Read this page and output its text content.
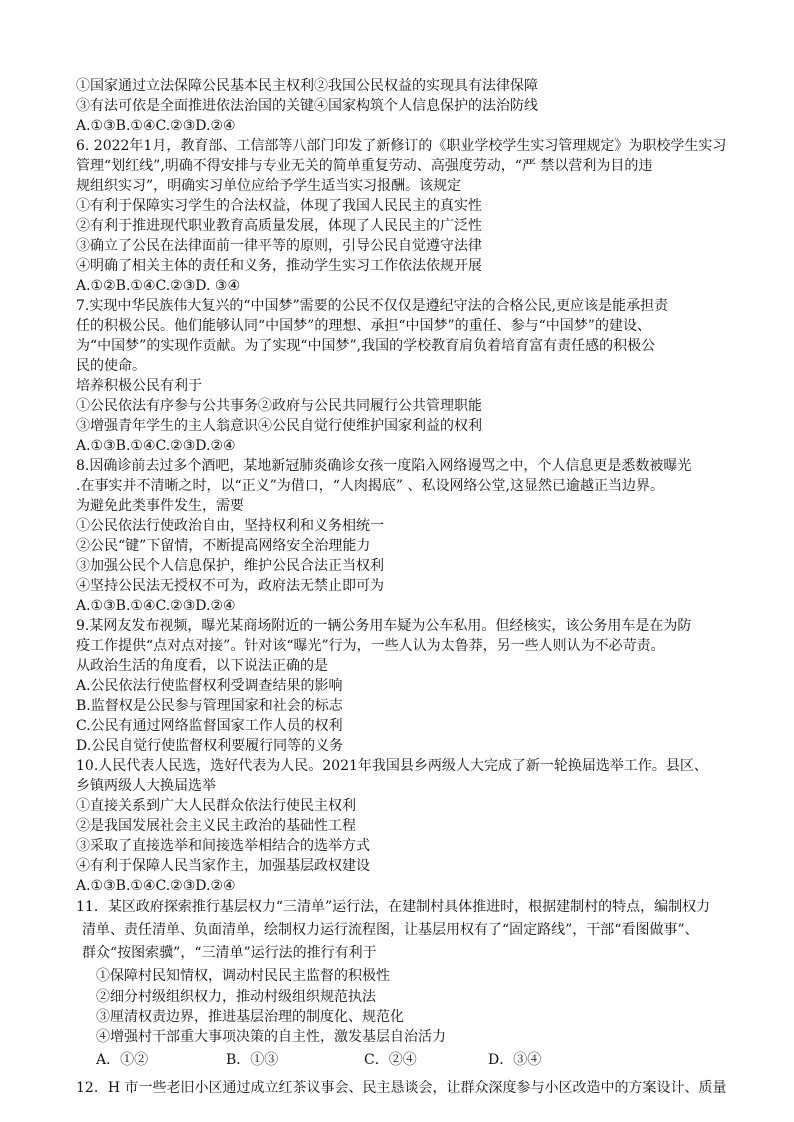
①国家通过立法保障公民基本民主权利②我国公民权益的实现具有法律保障
③有法可依是全面推进依法治国的关键④国家构筑个人信息保护的法治防线
A.①③B.①④C.②③D.②④
6. 2022年1月，教育部、工信部等八部门印发了新修订的《职业学校学生实习管理规定》为职校学生实习
管理“划红线”,明确不得安排与专业无关的简单重复劳动、高强度劳动，“严 禁以营利为目的违
规组织实习”，明确实习单位应给予学生适当实习报酬。该规定
①有利于保障实习学生的合法权益，体现了我国人民民主的真实性
②有利于推进现代职业教育高质量发展，体现了人民民主的广泛性
③确立了公民在法律面前一律平等的原则，引导公民自觉遵守法律
④明确了相关主体的责任和义务，推动学生实习工作依法依规开展
A.①②B.①④C.②③D. ③④
7.实现中华民族伟大复兴的“中国梦”需要的公民不仅仅是遵纪守法的合格公民,更应该是能承担责
任的积极公民。他们能够认同“中国梦”的理想、承担“中国梦”的重任、参与“中国梦”的建设、
为“中国梦”的实现作贡献。为了实现“中国梦”,我国的学校教育肩负着培育富有责任感的积极公
民的使命。
培养积极公民有利于
①公民依法有序参与公共事务②政府与公民共同履行公共管理职能
③增强青年学生的主人翁意识④公民自觉行使维护国家利益的权利
A.①③B.①④C.②③D.②④
8.因确诊前去过多个酒吧，某地新冠肺炎确诊女孩一度陷入网络谩骂之中，个人信息更是悉数被曝光
.在事实并不清晰之时，以“正义”为借口，“人肉揭底” 、私设网络公堂,这显然已逾越正当边界。
为避免此类事件发生，需要
①公民依法行使政治自由，坚持权利和义务相统一
②公民“键”下留情，不断提高网络安全治理能力
③加强公民个人信息保护，维护公民合法正当权利
④坚持公民法无授权不可为，政府法无禁止即可为
A.①③B.①④C.②③D.②④
9.某网友发布视频，曝光某商场附近的一辆公务用车疑为公车私用。但经核实，该公务用车是在为防
疫工作提供“点对点对接”。针对该“曝光”行为，一些人认为太鲁莽，另一些人则认为不必苛责。
从政治生活的角度看，以下说法正确的是
A.公民依法行使监督权利受调查结果的影响
B.监督权是公民参与管理国家和社会的标志
C.公民有通过网络监督国家工作人员的权利
D.公民自觉行使监督权利要履行同等的义务
10.人民代表人民选，选好代表为人民。2021年我国县乡两级人大完成了新一轮换届选举工作。县区、
乡镇两级人大换届选举
①直接关系到广大人民群众依法行使民主权利
②是我国发展社会主义民主政治的基础性工程
③采取了直接选举和间接选举相结合的选举方式
④有利于保障人民当家作主，加强基层政权建设
A.①③B.①④C.②③D.②④
11．某区政府探索推行基层权力“三清单”运行法，在建制村具体推进时，根据建制村的特点，编制权力
清单、责任清单、负面清单，绘制权力运行流程图，让基层用权有了“固定路线”，干部“看图做事”、
群众“按图索骥”，“三清单”运行法的推行有利于
①保障村民知情权，调动村民民主监督的积极性
②细分村级组织权力，推动村级组织规范执法
③厘清权责边界，推进基层治理的制度化、规范化
④增强村干部重大事项决策的自主性，激发基层自治活力
A．①②	B．①③	C．②④	D．③④
12．H 市一些老旧小区通过成立红茶议事会、民主恳谈会，让群众深度参与小区改造中的方案设计、质量
